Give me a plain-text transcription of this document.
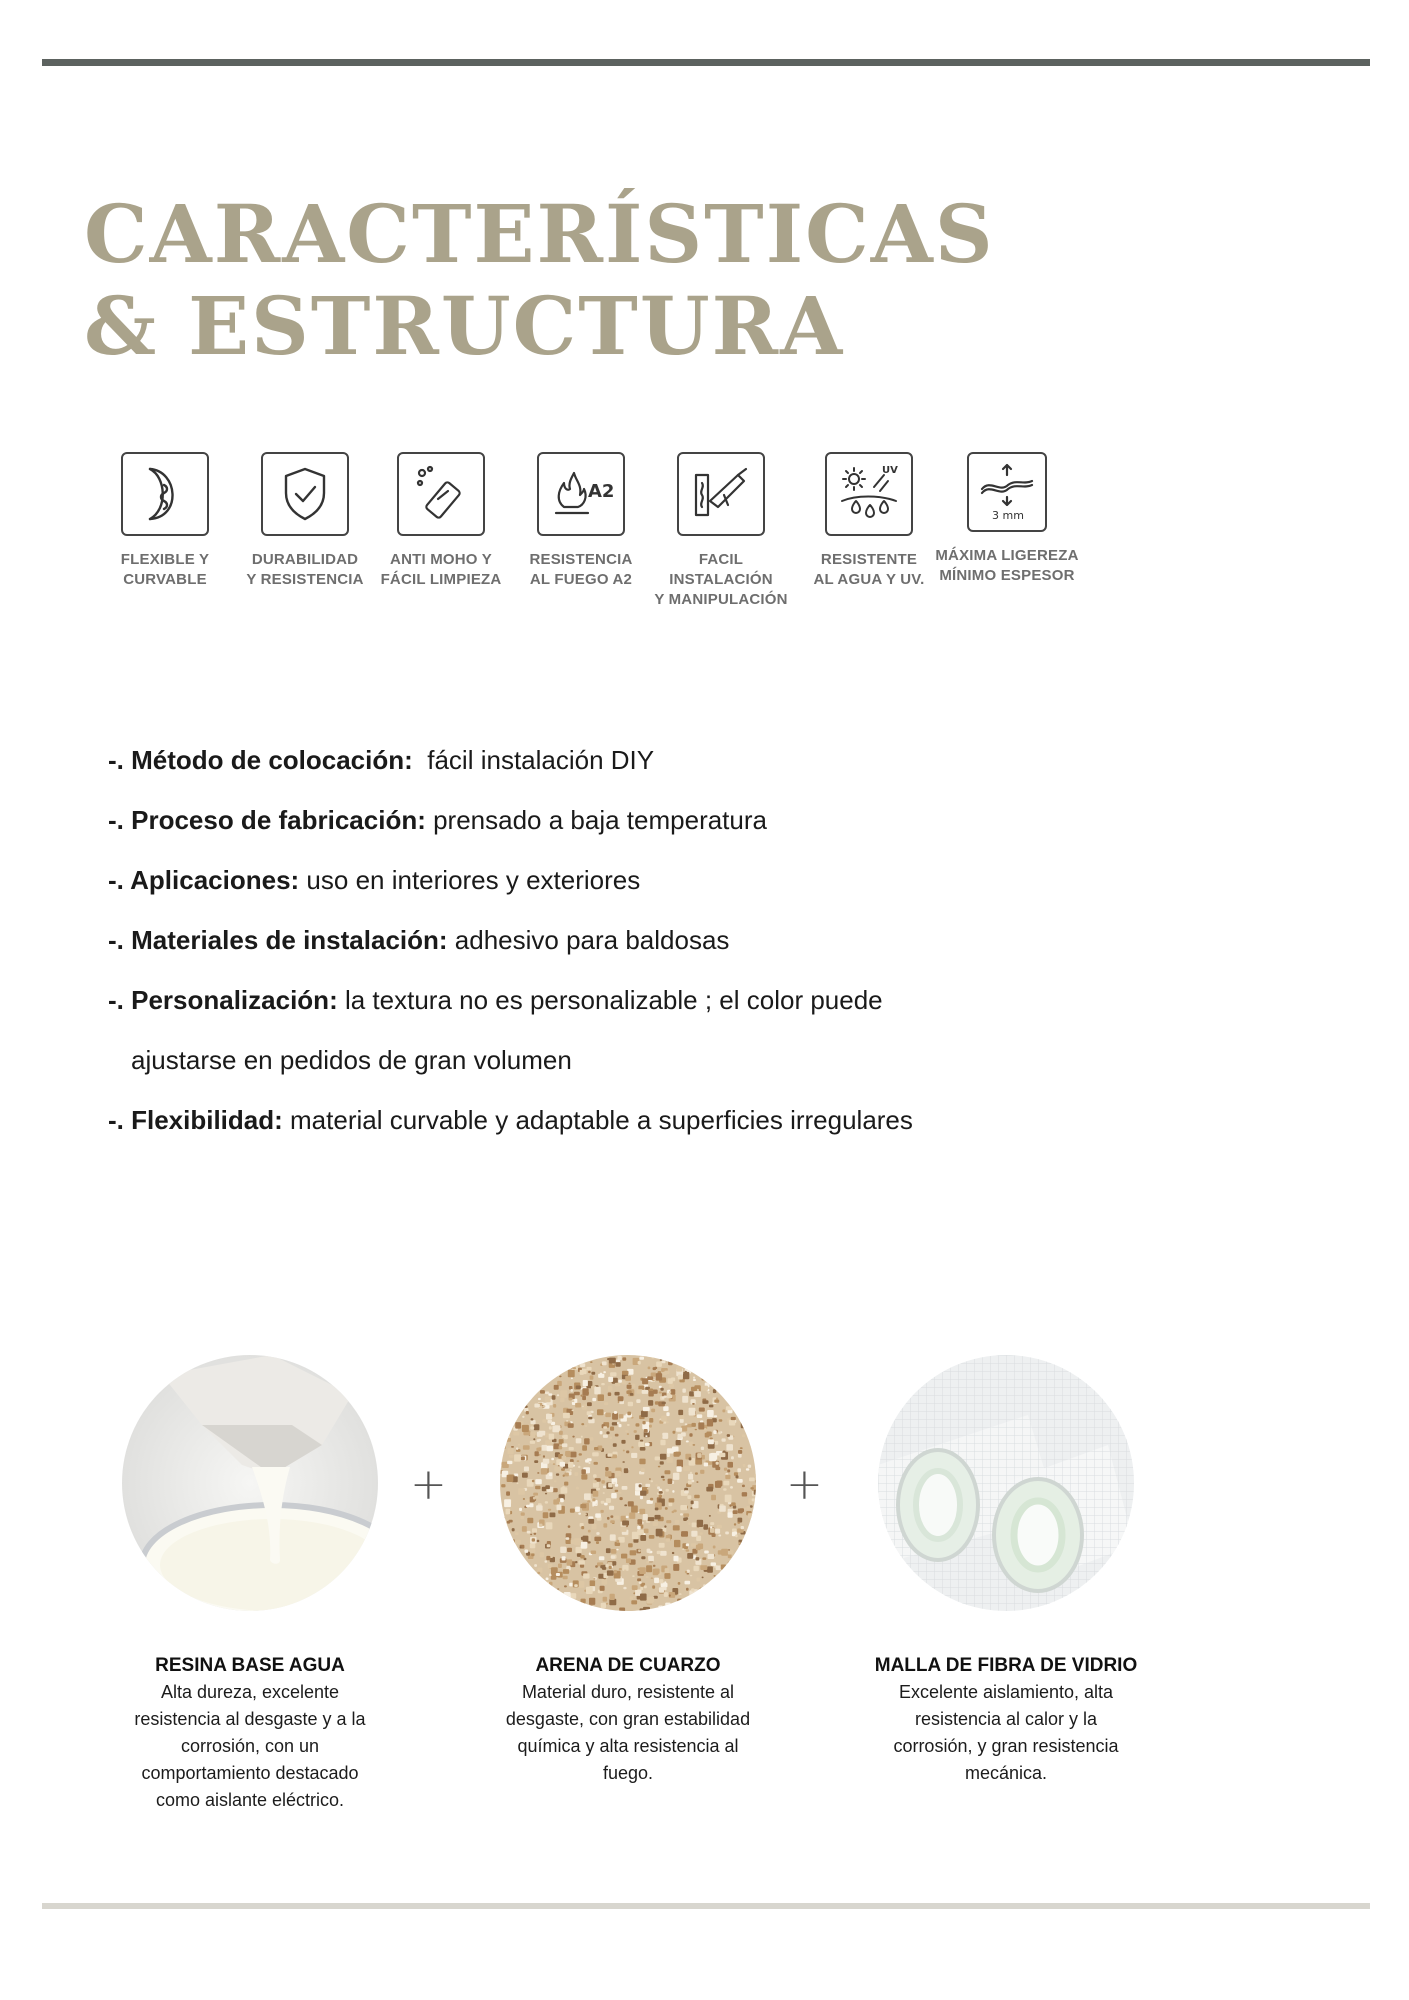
CARACTERÍSTICAS
& ESTRUCTURA
FLEXIBLE Y
CURVABLE
DURABILIDAD
Y RESISTENCIA
ANTI MOHO Y
FÁCIL LIMPIEZA
A2
RESISTENCIA
AL FUEGO A2
FACIL INSTALACIÓN
Y MANIPULACIÓN
UV
RESISTENTE
AL AGUA Y UV.
3 mm
MÁXIMA LIGEREZA
MÍNIMO ESPESOR
-. Método de colocación:  fácil instalación DIY
-. Proceso de fabricación: prensado a baja temperatura
-. Aplicaciones: uso en interiores y exteriores
-. Materiales de instalación: adhesivo para baldosas
-. Personalización: la textura no es personalizable ; el color puede
ajustarse en pedidos de gran volumen
-. Flexibilidad: material curvable y adaptable a superficies irregulares
RESINA BASE AGUA
Alta dureza, excelente
resistencia al desgaste y a la
corrosión, con un
comportamiento destacado
como aislante eléctrico.
+
ARENA DE CUARZO
Material duro, resistente al
desgaste, con gran estabilidad
química y alta resistencia al
fuego.
+
MALLA DE FIBRA DE VIDRIO
Excelente aislamiento, alta
resistencia al calor y la
corrosión, y gran resistencia
mecánica.
